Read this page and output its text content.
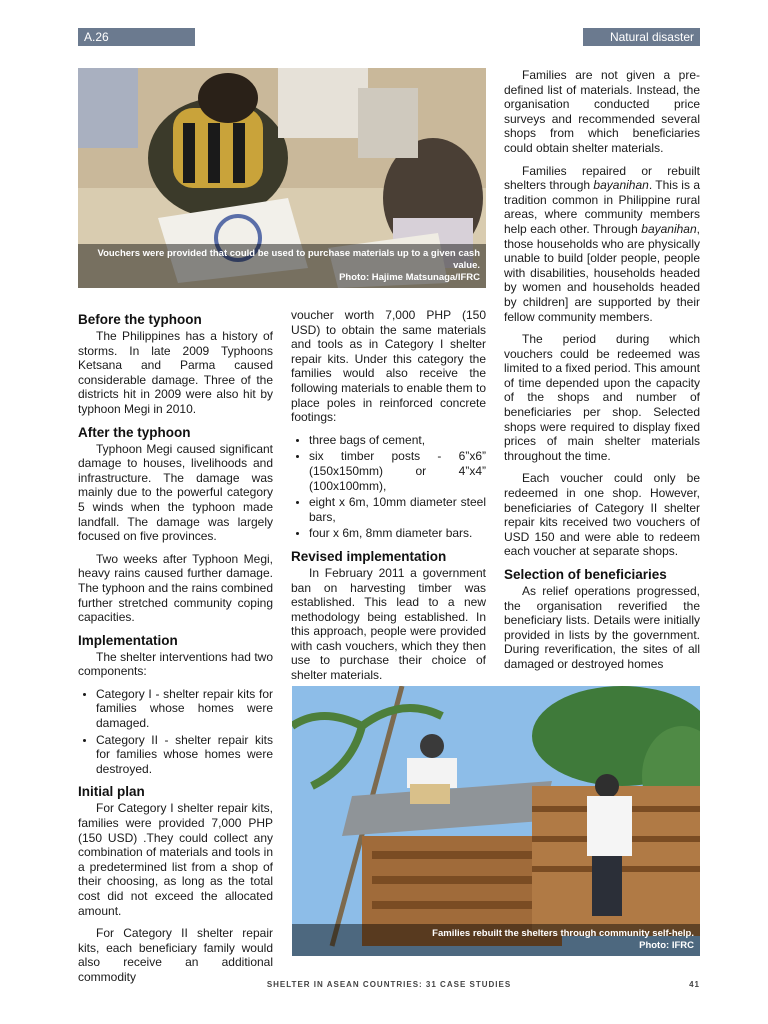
A.26	Natural disaster
Vouchers were provided that could be used to purchase materials up to a given cash value.
Photo: Hajime Matsunaga/IFRC
Before the typhoon

The Philippines has a history of storms. In late 2009 Typhoons Ketsana and Parma caused considerable damage. Three of the districts hit in 2009 were also hit by typhoon Megi in 2010.

After the typhoon

Typhoon Megi caused significant damage to houses, livelihoods and infrastructure. The damage was mainly due to the powerful category 5 winds when the typhoon made landfall. The damage was largely focused on five provinces.

Two weeks after Typhoon Megi, heavy rains caused further damage. The typhoon and the rains combined further stretched community coping capacities.

Implementation

The shelter interventions had two components:

• Category I - shelter repair kits for families whose homes were damaged.
• Category II - shelter repair kits for families whose homes were destroyed.
Initial plan

For Category I shelter repair kits, families were provided 7,000 PHP (150 USD) .They could collect any combination of materials and tools in a predetermined list from a shop of their choosing, as long as the total cost did not exceed the allocated amount.

For Category II shelter repair kits, each beneficiary family would also receive an additional commodity

voucher worth 7,000 PHP (150 USD) to obtain the same materials and tools as in Category I shelter repair kits. Under this category the families would also receive the following materials to enable them to place poles in reinforced concrete footings:

• three bags of cement,
• six timber posts - 6”x6” (150x150mm) or 4”x4” (100x100mm),
• eight x 6m, 10mm diameter steel bars,
• four x 6m, 8mm diameter bars.
Revised implementation

In February 2011 a government ban on harvesting timber was established. This lead to a new methodology being established. In this approach, people were provided with cash vouchers, which they then use to purchase their choice of shelter materials.

Families are not given a pre-defined list of materials. Instead, the organisation conducted price surveys and recommended several shops from which beneficiaries could obtain shelter materials.

Families repaired or rebuilt shelters through bayanihan. This is a tradition common in Philippine rural areas, where community members help each other. Through bayanihan, those households who are physically unable to build [older people, people with disabilities, households headed by women and households headed by children] are supported by their fellow community members.

The period during which vouchers could be redeemed was limited to a fixed period. This amount of time depended upon the capacity of the shops and number of beneficiaries per shop. Selected shops were required to display fixed prices of main shelter materials throughout the time.

Each voucher could only be redeemed in one shop. However, beneficiaries of Category II shelter repair kits received two vouchers of USD 150 and were able to redeem each voucher at separate shops.

Selection of beneficiaries

As relief operations progressed, the organisation reverified the beneficiary lists. Details were initially provided in lists by the government. During reverification, the sites of all damaged or destroyed homes

Families rebuilt the shelters through community self-help.
Photo: IFRC
SHELTER IN ASEAN COUNTRIES: 31 CASE STUDIES	41
